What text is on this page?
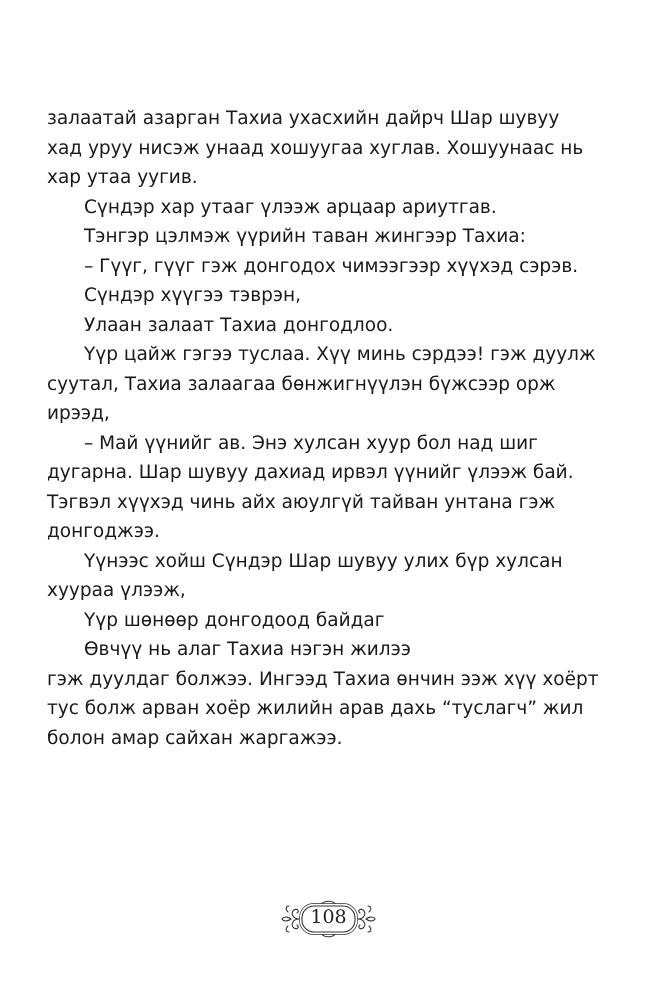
залаатай азарган Тахиа ухасхийн дайрч Шар шувуу
хад уруу нисэж унаад хошуугаа хуглав. Хошуунаас нь
хар утаа уугив.
Сүндэр хар утааг үлээж арцаар ариутгав.
Тэнгэр цэлмэж үүрийн таван жингээр Тахиа:
– Гүүг, гүүг гэж донгодох чимээгээр хүүхэд сэрэв.
Сүндэр хүүгээ тэврэн,
Улаан залаат Тахиа донгодлоо.
Үүр цайж гэгээ туслаа. Хүү минь сэрдээ! гэж дуулж
суутал, Тахиа залаагаа бөнжигнүүлэн бүжсээр орж
ирээд,
– Май үүнийг ав. Энэ хулсан хуур бол над шиг
дугарна. Шар шувуу дахиад ирвэл үүнийг үлээж бай.
Тэгвэл хүүхэд чинь айх аюулгүй тайван унтана гэж
донгоджээ.
Үүнээс хойш Сүндэр Шар шувуу улих бүр хулсан
хуураа үлээж,
Үүр шөнөөр донгодоод байдаг
Өвчүү нь алаг Тахиа нэгэн жилээ
гэж дуулдаг болжээ. Ингээд Тахиа өнчин ээж хүү хоёрт
тус болж арван хоёр жилийн арав дахь “туслагч” жил
болон амар сайхан жаргажээ.
108
